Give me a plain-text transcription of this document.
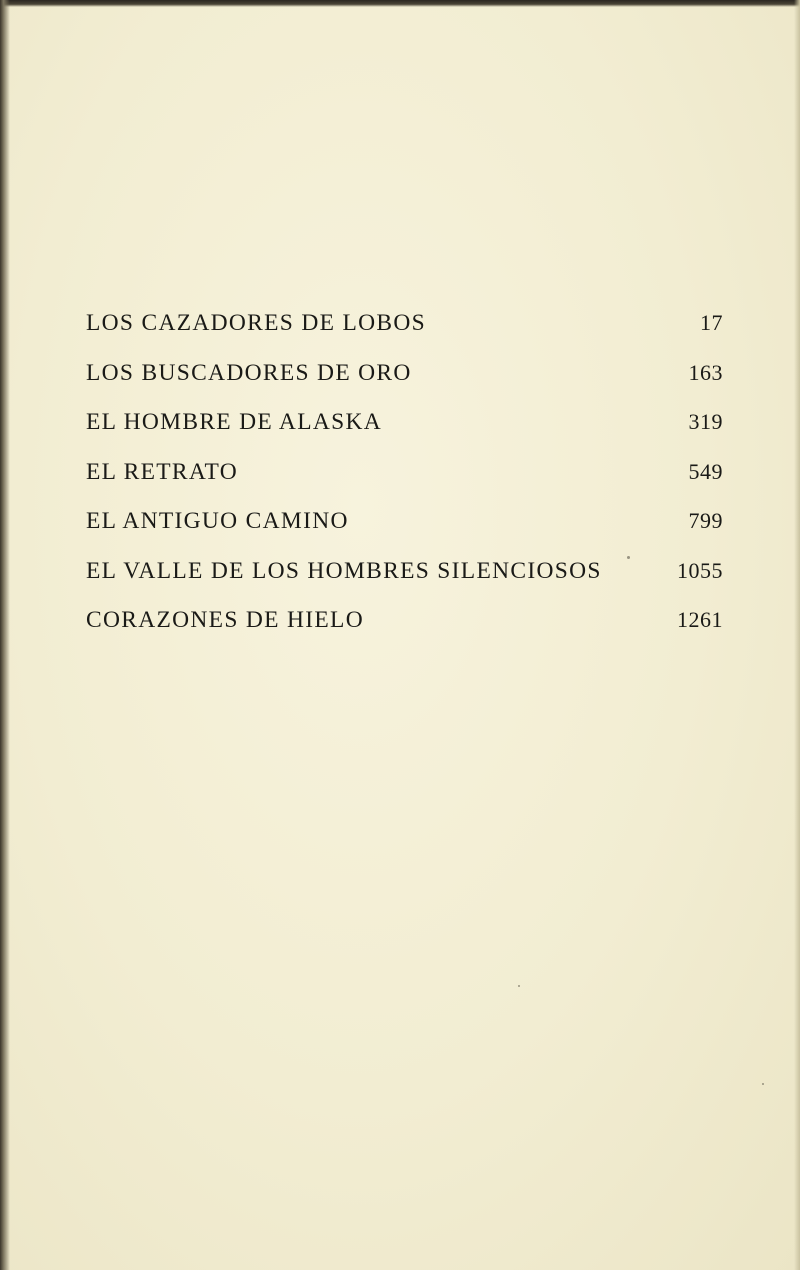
LOS CAZADORES DE LOBOS	17
LOS BUSCADORES DE ORO	163
EL HOMBRE DE ALASKA	319
EL RETRATO	549
EL ANTIGUO CAMINO	799
EL VALLE DE LOS HOMBRES SILENCIOSOS	1055
CORAZONES DE HIELO	1261
